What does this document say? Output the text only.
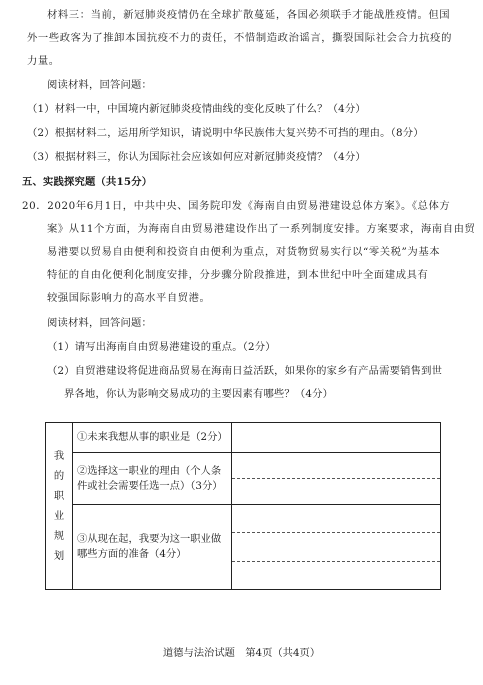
材料三：当前，新冠肺炎疫情仍在全球扩散蔓延，各国必须联手才能战胜疫情。但国
外一些政客为了推卸本国抗疫不力的责任，不惜制造政治谣言，撕裂国际社会合力抗疫的
力量。
阅读材料，回答问题：
（1）材料一中，中国境内新冠肺炎疫情曲线的变化反映了什么？（4分）
（2）根据材料二，运用所学知识，请说明中华民族伟大复兴势不可挡的理由。（8分）
（3）根据材料三，你认为国际社会应该如何应对新冠肺炎疫情？（4分）
五、实践探究题（共15分）
20．2020年6月1日，中共中央、国务院印发《海南自由贸易港建设总体方案》。《总体方
案》从11个方面，为海南自由贸易港建设作出了一系列制度安排。方案要求，海南自由贸
易港要以贸易自由便利和投资自由便利为重点，对货物贸易实行以“零关税”为基本
特征的自由化便利化制度安排，分步骤分阶段推进，到本世纪中叶全面建成具有
较强国际影响力的高水平自贸港。
阅读材料，回答问题：
（1）请写出海南自由贸易港建设的重点。（2分）
（2）自贸港建设将促进商品贸易在海南日益活跃，如果你的家乡有产品需要销售到世
界各地，你认为影响交易成功的主要因素有哪些？（4分）
我的职业规划	①未来我想从事的职业是（2分）	
	②选择这一职业的理由（个人条件或社会需要任选一点）（3分）	

	③从现在起，我要为这一职业做哪些方面的准备（4分）	
道德与法治试题　第4页（共4页）
